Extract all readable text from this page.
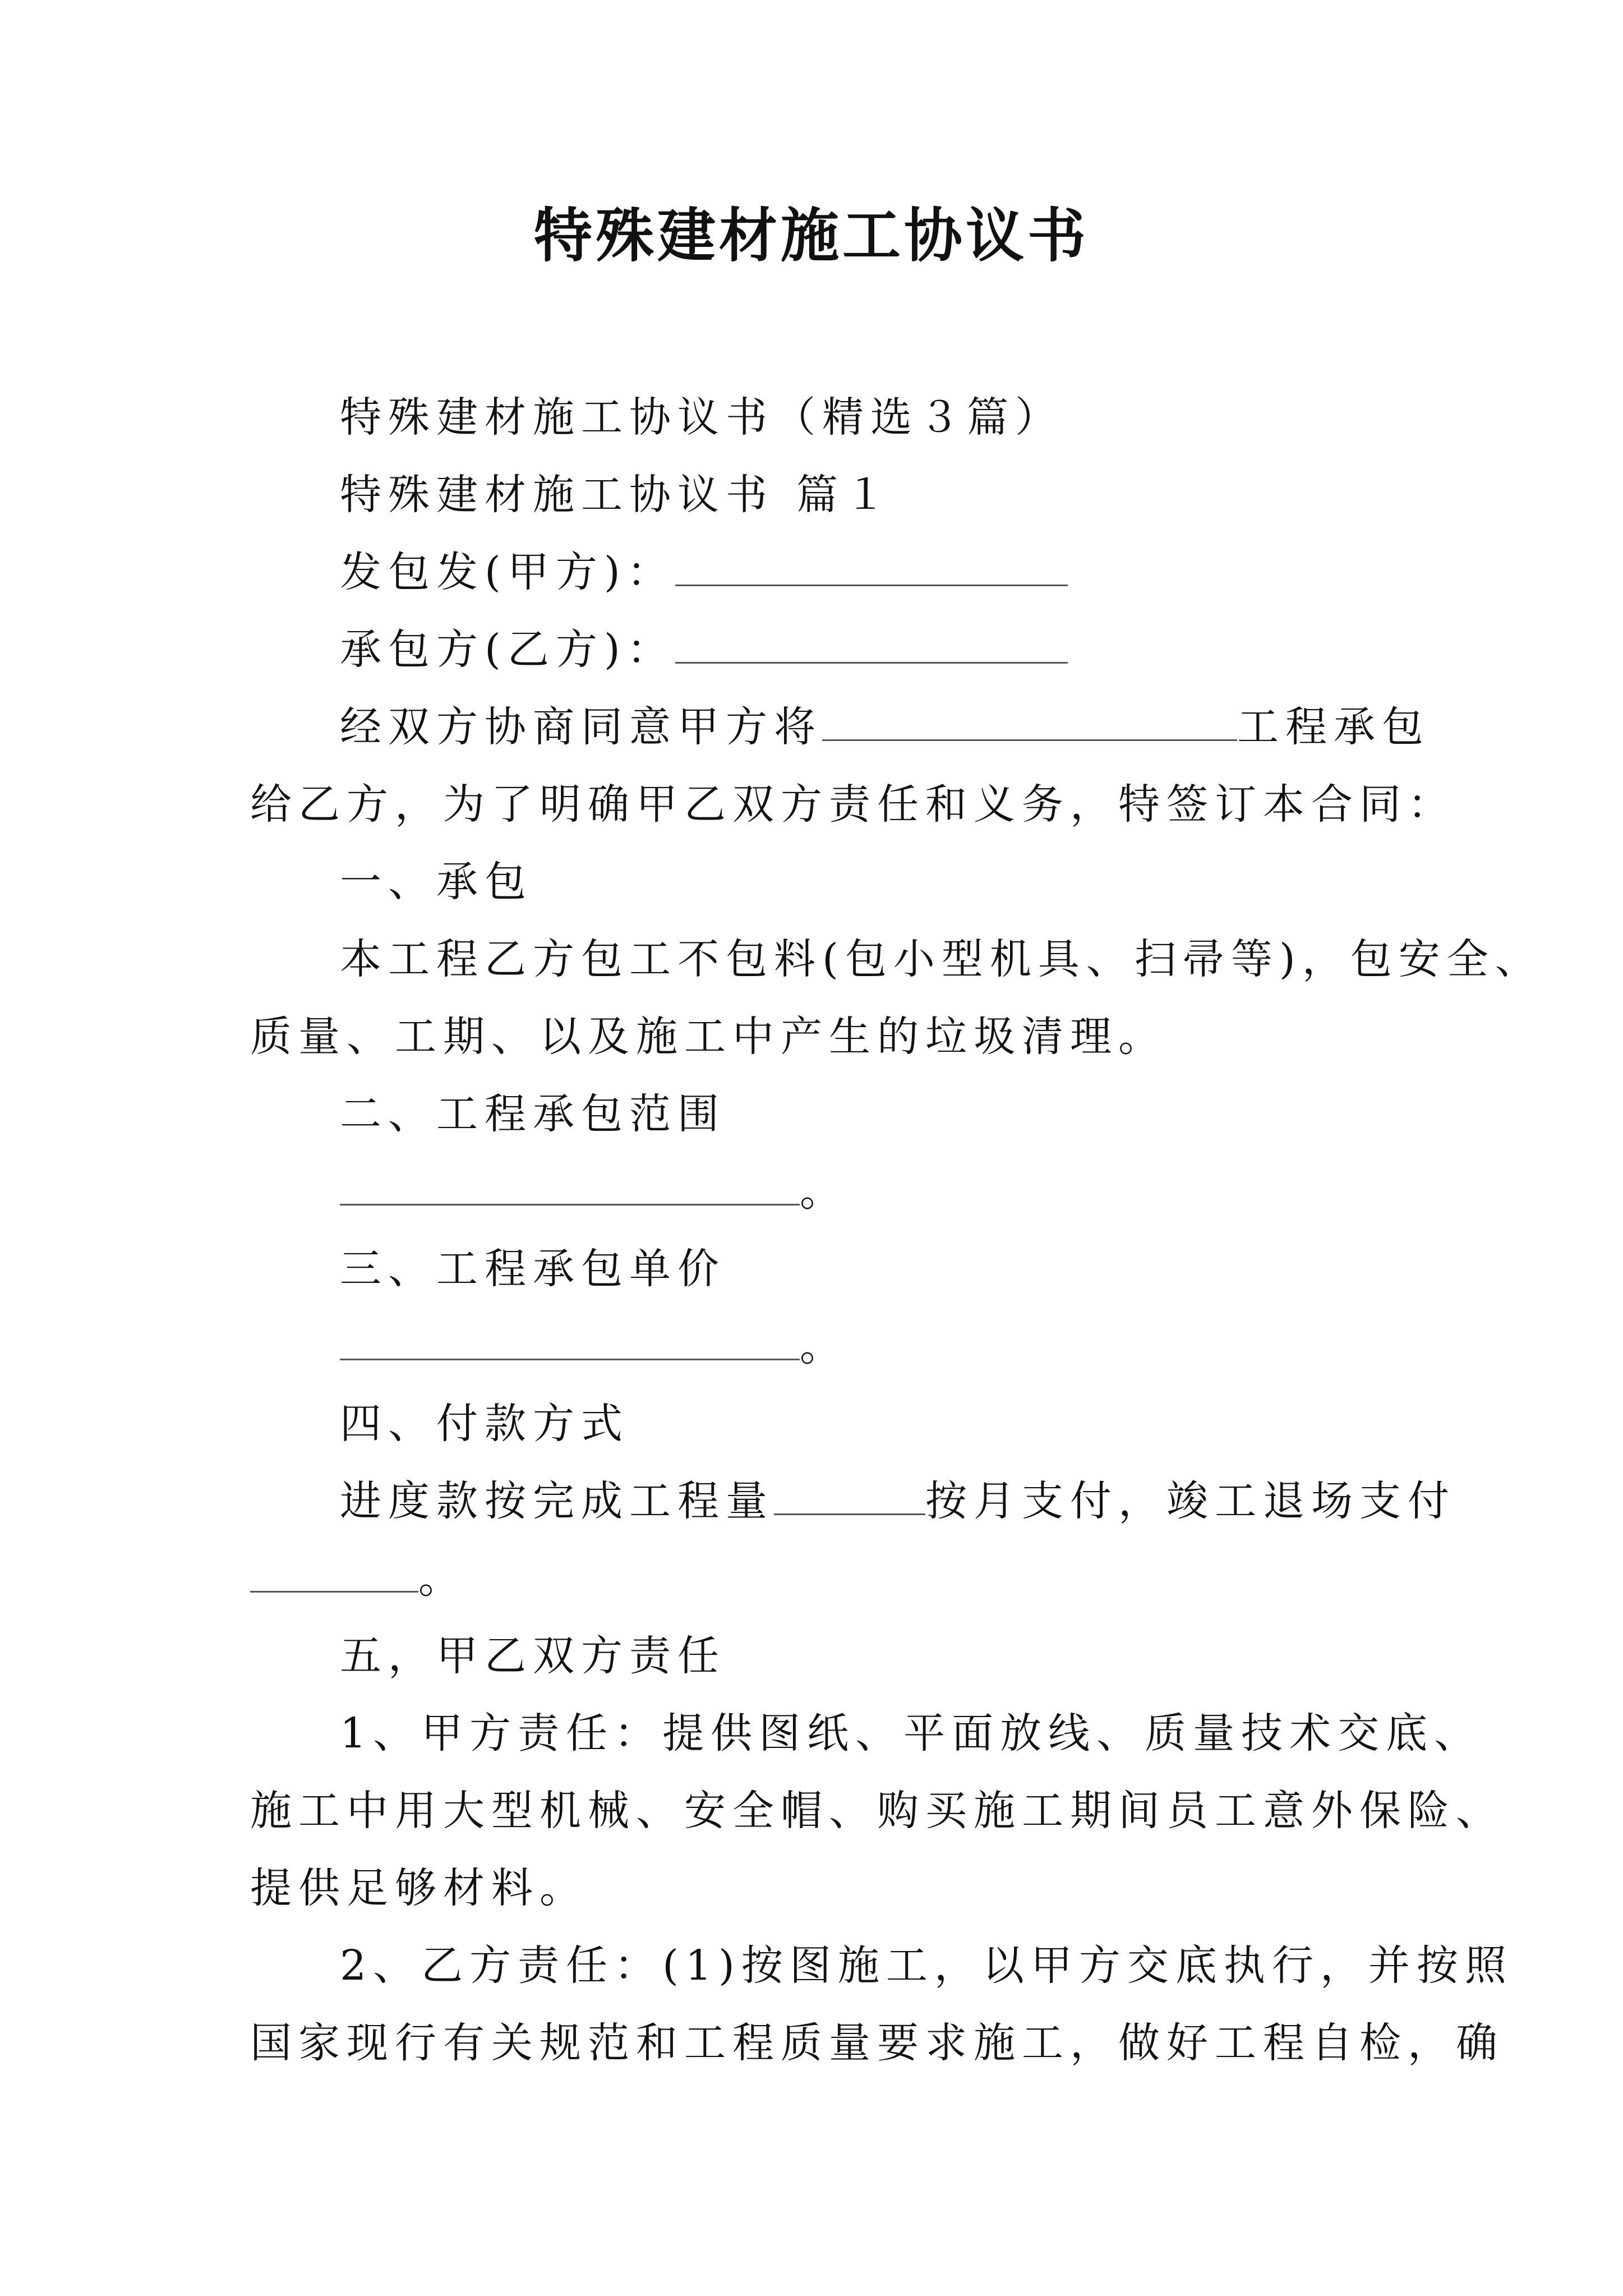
特殊建材施工协议书

特殊建材施工协议书（精选３篇）

特殊建材施工协议书 篇１

发包发(甲方)：

承包方(乙方)：

经双方协商同意甲方将	工程承包

给乙方，为了明确甲乙双方责任和义务，特签订本合同：

一、承包

本工程乙方包工不包料(包小型机具、扫帚等)，包安全、

质量、工期、以及施工中产生的垃圾清理。

二、工程承包范围

。

三、工程承包单价

。

四、付款方式

进度款按完成工程量	按月支付，竣工退场支付

。

五，甲乙双方责任

1、甲方责任：提供图纸、平面放线、质量技术交底、

施工中用大型机械、安全帽、购买施工期间员工意外保险、

提供足够材料。

2、乙方责任：(1)按图施工，以甲方交底执行，并按照

国家现行有关规范和工程质量要求施工，做好工程自检，确
